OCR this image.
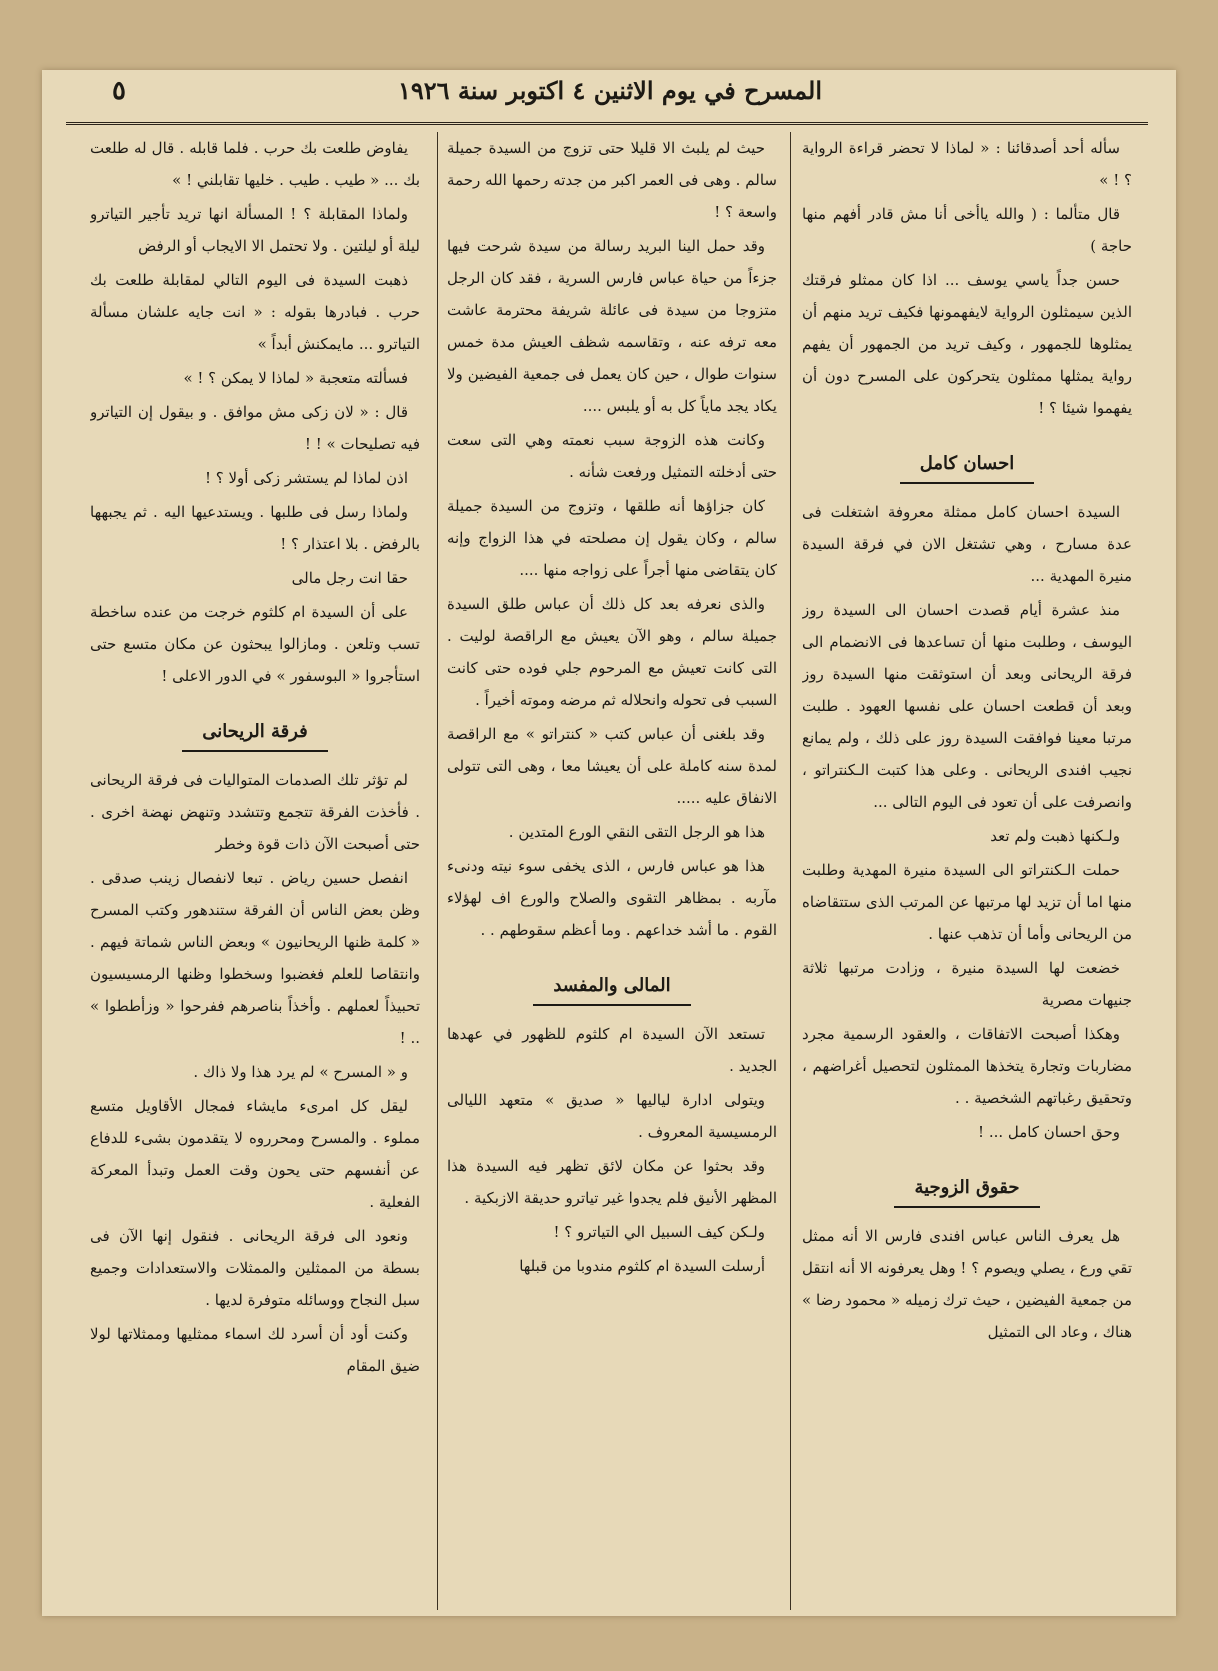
المسرح في يوم الاثنين ٤ اكتوبر سنة ١٩٢٦
٥

سأله أحد أصدقائنا : « لماذا لا تحضر قراءة الرواية ؟ ! »

قال متألما : ( والله ياأخى أنا مش قادر أفهم منها حاجة )

حسن جداً ياسي يوسف ... اذا كان ممثلو فرقتك الذين سيمثلون الرواية لايفهمونها فكيف تريد منهم أن يمثلوها للجمهور ، وكيف تريد من الجمهور أن يفهم رواية يمثلها ممثلون يتحركون على المسرح دون أن يفهموا شيئا ؟ !

احسان كامل

السيدة احسان كامل ممثلة معروفة اشتغلت فى عدة مسارح ، وهي تشتغل الان في فرقة السيدة منيرة المهدية ...

منذ عشرة أيام قصدت احسان الى السيدة روز اليوسف ، وطلبت منها أن تساعدها فى الانضمام الى فرقة الريحانى وبعد أن استوثقت منها السيدة روز وبعد أن قطعت احسان على نفسها العهود . طلبت مرتبا معينا فوافقت السيدة روز على ذلك ، ولم يمانع نجيب افندى الريحانى . وعلى هذا كتبت الـكنتراتو ، وانصرفت على أن تعود فى اليوم التالى ...

ولـكنها ذهبت ولم تعد

حملت الـكنتراتو الى السيدة منيرة المهدية وطلبت منها اما أن تزيد لها مرتبها عن المرتب الذى ستتقاضاه من الريحانى وأما أن تذهب عنها .

خضعت لها السيدة منيرة ، وزادت مرتبها ثلاثة جنيهات مصرية

وهكذا أصبحت الاتفاقات ، والعقود الرسمية مجرد مضاربات وتجارة يتخذها الممثلون لتحصيل أغراضهم ، وتحقيق رغباتهم الشخصية . .

وحق احسان كامل ... !

حقوق الزوجية

هل يعرف الناس عباس افندى فارس الا أنه ممثل تقي ورع ، يصلي ويصوم ؟ ! وهل يعرفونه الا أنه انتقل من جمعية الفيضين ، حيث ترك زميله « محمود رضا » هناك ، وعاد الى التمثيل

حيث لم يلبث الا قليلا حتى تزوج من السيدة جميلة سالم . وهى فى العمر اكبر من جدته رحمها الله رحمة واسعة ؟ !

وقد حمل الينا البريد رسالة من سيدة شرحت فيها جزءاً من حياة عباس فارس السرية ، فقد كان الرجل متزوجا من سيدة فى عائلة شريفة محترمة عاشت معه ترفه عنه ، وتقاسمه شظف العيش مدة خمس سنوات طوال ، حين كان يعمل فى جمعية الفيضين ولا يكاد يجد ماياً كل به أو يلبس ....

وكانت هذه الزوجة سبب نعمته وهي التى سعت حتى أدخلته التمثيل ورفعت شأنه .

كان جزاؤها أنه طلقها ، وتزوج من السيدة جميلة سالم ، وكان يقول إن مصلحته في هذا الزواج وإنه كان يتقاضى منها أجراً على زواجه منها ....

والذى نعرفه بعد كل ذلك أن عباس طلق السيدة جميلة سالم ، وهو الآن يعيش مع الراقصة لوليت . التى كانت تعيش مع المرحوم جلي فوده حتى كانت السبب فى تحوله وانحلاله ثم مرضه وموته أخيراً .

وقد بلغنى أن عباس كتب « كنتراتو » مع الراقصة لمدة سنه كاملة على أن يعيشا معا ، وهى التى تتولى الانفاق عليه .....

هذا هو الرجل التقى النقي الورع المتدين .

هذا هو عباس فارس ، الذى يخفى سوء نيته ودنىء مآربه . بمظاهر التقوى والصلاح والورع اف لهؤلاء القوم . ما أشد خداعهم . وما أعظم سقوطهم . .

المالى والمفسد

تستعد الآن السيدة ام كلثوم للظهور في عهدها الجديد .

ويتولى ادارة لياليها « صديق » متعهد الليالى الرمسيسية المعروف .

وقد بحثوا عن مكان لائق تظهر فيه السيدة هذا المظهر الأنيق فلم يجدوا غير تياترو حديقة الازبكية .

ولـكن كيف السبيل الي التياترو ؟ !

أرسلت السيدة ام كلثوم مندوبا من قبلها

يفاوض طلعت بك حرب . فلما قابله . قال له طلعت بك ... « طيب . طيب . خليها تقابلني ! »

ولماذا المقابلة ؟ ! المسألة انها تريد تأجير التياترو ليلة أو ليلتين . ولا تحتمل الا الايجاب أو الرفض

ذهبت السيدة فى اليوم التالي لمقابلة طلعت بك حرب . فبادرها بقوله : « انت جايه علشان مسألة التياترو ... مايمكنش أبداً »

فسألته متعجبة « لماذا لا يمكن ؟ ! »

قال : « لان زكى مش موافق . و بيقول إن التياترو فيه تصليحات » ! !

اذن لماذا لم يستشر زكى أولا ؟ !

ولماذا رسل فى طلبها . ويستدعيها اليه . ثم يجبهها بالرفض . بلا اعتذار ؟ !

حقا انت رجل مالى

على أن السيدة ام كلثوم خرجت من عنده ساخطة تسب وتلعن . ومازالوا يبحثون عن مكان متسع حتى استأجروا « البوسفور » في الدور الاعلى !

فرقة الريحانى

لم تؤثر تلك الصدمات المتواليات فى فرقة الريحانى . فأخذت الفرقة تتجمع وتتشدد وتنهض نهضة اخرى . حتى أصبحت الآن ذات قوة وخطر

انفصل حسين رياض . تبعا لانفصال زينب صدقى . وظن بعض الناس أن الفرقة ستندهور وكتب المسرح « كلمة ظنها الريحانيون » وبعض الناس شماتة فيهم . وانتقاصا للعلم فغضبوا وسخطوا وظنها الرمسيسيون تحبيذاً لعملهم . وأخذاً بناصرهم ففرحوا « وزأططوا » .. !

و « المسرح » لم يرد هذا ولا ذاك .

ليقل كل امرىء مايشاء فمجال الأقاويل متسع مملوء . والمسرح ومحرروه لا يتقدمون بشىء للدفاع عن أنفسهم حتى يحون وقت العمل وتبدأ المعركة الفعلية .

ونعود الى فرقة الريحانى . فنقول إنها الآن فى بسطة من الممثلين والممثلات والاستعدادات وجميع سبل النجاح ووسائله متوفرة لديها .

وكنت أود أن أسرد لك اسماء ممثليها وممثلاتها لولا ضيق المقام
